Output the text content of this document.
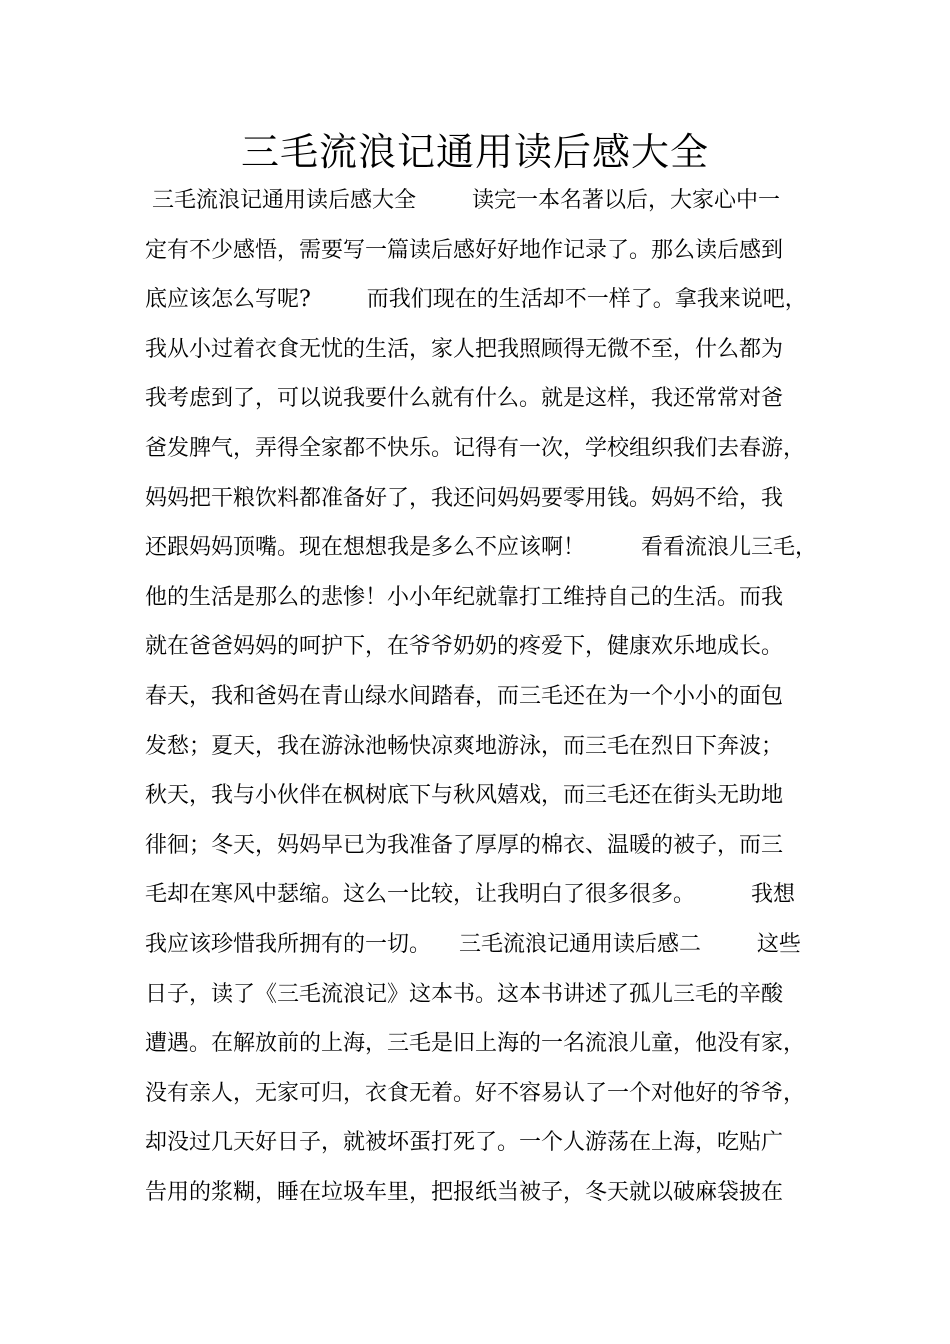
三毛流浪记通用读后感大全
三毛流浪记通用读后感大全        读完一本名著以后，大家心中一
定有不少感悟，需要写一篇读后感好好地作记录了。那么读后感到
底应该怎么写呢?        而我们现在的生活却不一样了。拿我来说吧，
我从小过着衣食无忧的生活，家人把我照顾得无微不至，什么都为
我考虑到了，可以说我要什么就有什么。就是这样，我还常常对爸
爸发脾气，弄得全家都不快乐。记得有一次，学校组织我们去春游，
妈妈把干粮饮料都准备好了，我还问妈妈要零用钱。妈妈不给，我
还跟妈妈顶嘴。现在想想我是多么不应该啊！        看看流浪儿三毛，
他的生活是那么的悲惨！小小年纪就靠打工维持自己的生活。而我
就在爸爸妈妈的呵护下，在爷爷奶奶的疼爱下，健康欢乐地成长。
春天，我和爸妈在青山绿水间踏春，而三毛还在为一个小小的面包
发愁；夏天，我在游泳池畅快凉爽地游泳，而三毛在烈日下奔波；
秋天，我与小伙伴在枫树底下与秋风嬉戏，而三毛还在街头无助地
徘徊；冬天，妈妈早已为我准备了厚厚的棉衣、温暖的被子，而三
毛却在寒风中瑟缩。这么一比较，让我明白了很多很多。        我想
我应该珍惜我所拥有的一切。    三毛流浪记通用读后感二        这些
日子，读了《三毛流浪记》这本书。这本书讲述了孤儿三毛的辛酸
遭遇。在解放前的上海，三毛是旧上海的一名流浪儿童，他没有家，
没有亲人，无家可归，衣食无着。好不容易认了一个对他好的爷爷，
却没过几天好日子，就被坏蛋打死了。一个人游荡在上海，吃贴广
告用的浆糊，睡在垃圾车里，把报纸当被子，冬天就以破麻袋披在
